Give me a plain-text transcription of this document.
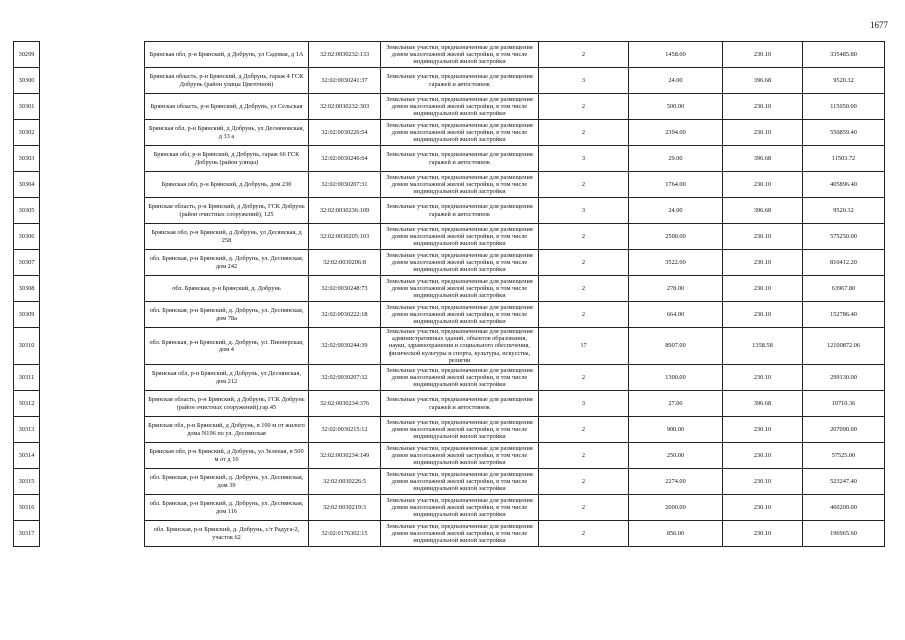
1677
30299		Брянская обл, р-н Брянский, д Добрунь, ул Садовая, д 1А	32:02:0030232:133	Земельные участки, предназначенные для размещения домов малоэтажной жилой застройки, в том числе индивидуальной жилой застройки	2	1458.00	230.10	335485.80
30300		Брянская область, р-н Брянский, д Добрунь, гараж 4 ГСК Добрунь (район улицы Цветочной)	32:02:0030241:37	Земельные участки, предназначенные для размещения гаражей и автостоянок	3	24.00	396.68	9520.32
30301		Брянская область, р-н Брянский, д Добрунь, ул Сельская	32:02:0030232:303	Земельные участки, предназначенные для размещения домов малоэтажной жилой застройки, в том числе индивидуальной жилой застройки	2	500.00	230.10	115050.00
30302		Брянская обл, р-н Брянский, д Добрунь, ул Десняновская, д 33 а	32:02:0030226:54	Земельные участки, предназначенные для размещения домов малоэтажной жилой застройки, в том числе индивидуальной жилой застройки	2	2394.00	230.10	550859.40
30303		Брянская обл, р-н Брянский, д Добрунь, гараж 66 ГСК Добрунь (район улицы)	32:02:0030246:64	Земельные участки, предназначенные для размещения гаражей и автостоянок	3	29.00	396.68	11503.72
30304		Брянская обл, р-н Брянский, д Добрунь, дом 230	32:02:0030207:31	Земельные участки, предназначенные для размещения домов малоэтажной жилой застройки, в том числе индивидуальной жилой застройки	2	1764.00	230.10	405896.40
30305		Брянская область, р-н Брянский, д Добрунь, ГСК Добрунь (район очистных сооружений), 125	32:02:0030236:109	Земельные участки, предназначенные для размещения гаражей и автостоянок	3	24.00	396.68	9520.32
30306		Брянская обл, р-н Брянский, д Добрунь, ул Десянская, д 258	32:02:0030205:103	Земельные участки, предназначенные для размещения домов малоэтажной жилой застройки, в том числе индивидуальной жилой застройки	2	2500.00	230.10	575250.00
30307		обл. Брянская, р-н Брянский, д. Добрунь, ул. Деснянская, дом 242	32:02:0030206:8	Земельные участки, предназначенные для размещения домов малоэтажной жилой застройки, в том числе индивидуальной жилой застройки	2	3522.00	230.10	810412.20
30308		обл. Брянская, р-н Брянский, д. Добрунь	32:02:0030248:73	Земельные участки, предназначенные для размещения домов малоэтажной жилой застройки, в том числе индивидуальной жилой застройки	2	278.00	230.10	63967.80
30309		обл. Брянская, р-н Брянский, д. Добрунь, ул. Деснянская, дом 78а	32:02:0030222:18	Земельные участки, предназначенные для размещения домов малоэтажной жилой застройки, в том числе индивидуальной жилой застройки	2	664.00	230.10	152786.40
30310		обл. Брянская, р-н Брянский, д. Добрунь, ул. Пионерская, дом 4	32:02:0030244:39	Земельные участки, предназначенные для размещения административных зданий, объектов образования, науки, здравоохранения и социального обеспечения, физической культуры и спорта, культуры, искусства, религии	17	8907.00	1358.58	12100872.06
30311		Брянская обл, р-н Брянский, д Добрунь, ул Деснянская, дом 212	32:02:0030207:32	Земельные участки, предназначенные для размещения домов малоэтажной жилой застройки, в том числе индивидуальной жилой застройки	2	1300.00	230.10	299130.00
30312		Брянская область, р-н Брянский, д Добрунь, ГСК Добрунь (район очистных сооружений),гар.45	32:02:0030234:376	Земельные участки, предназначенные для размещения гаражей и автостоянок	3	27.00	396.68	10710.36
30313		Брянская обл, р-н Брянский, д Добрунь, в 100 м от жилого дома N196 по ул. Деснянская	32:02:0030215:12	Земельные участки, предназначенные для размещения домов малоэтажной жилой застройки, в том числе индивидуальной жилой застройки	2	900.00	230.10	207090.00
30314		Брянская обл, р-н Брянский, д Добрунь, ул Зеленая, в 500 м от д 10	32:02:0030234:149	Земельные участки, предназначенные для размещения домов малоэтажной жилой застройки, в том числе индивидуальной жилой застройки	2	250.00	230.10	57525.00
30315		обл. Брянская, р-н Брянский, д. Добрунь, ул. Деснянская, дом 39	32:02:0030226:5	Земельные участки, предназначенные для размещения домов малоэтажной жилой застройки, в том числе индивидуальной жилой застройки	2	2274.00	230.10	523247.40
30316		обл. Брянская, р-н Брянский, д. Добрунь, ул. Деснянская, дом 116	32:02:0030219:3	Земельные участки, предназначенные для размещения домов малоэтажной жилой застройки, в том числе индивидуальной жилой застройки	2	2000.00	230.10	460200.00
30317		обл. Брянская, р-н Брянский, д. Добрунь, с/т Радуга-2, участок 62	32:02:0176302:15	Земельные участки, предназначенные для размещения домов малоэтажной жилой застройки, в том числе индивидуальной жилой застройки	2	856.00	230.10	196965.60
